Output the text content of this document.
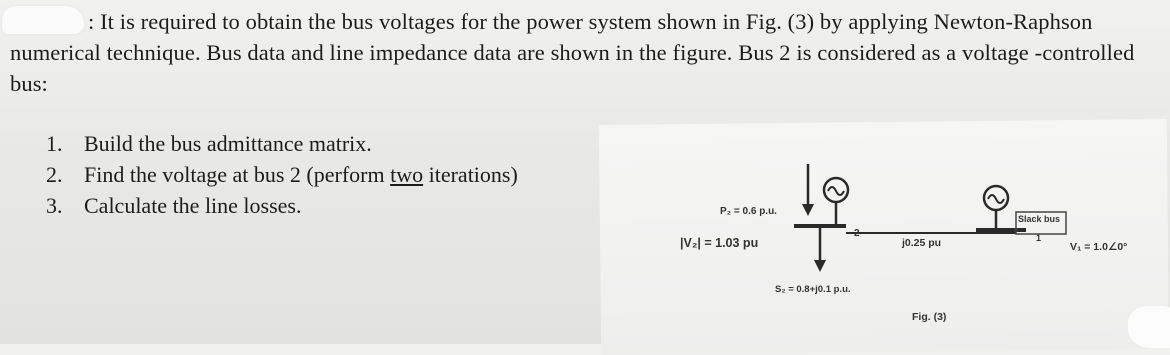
: It is required to obtain the bus voltages for the power system shown in Fig. (3) by applying Newton-Raphson numerical technique. Bus data and line impedance data are shown in the figure. Bus 2 is considered as a voltage -controlled bus:

1. Build the bus admittance matrix.
2. Find the voltage at bus 2 (perform two iterations)
3. Calculate the line losses.	P₂ = 0.6 p.u.
|V₂| = 1.03 pu
2
S₂ = 0.8+j0.1 p.u.
j0.25 pu
Slack bus
1
V₁ = 1.0∠0°
Fig. (3)
